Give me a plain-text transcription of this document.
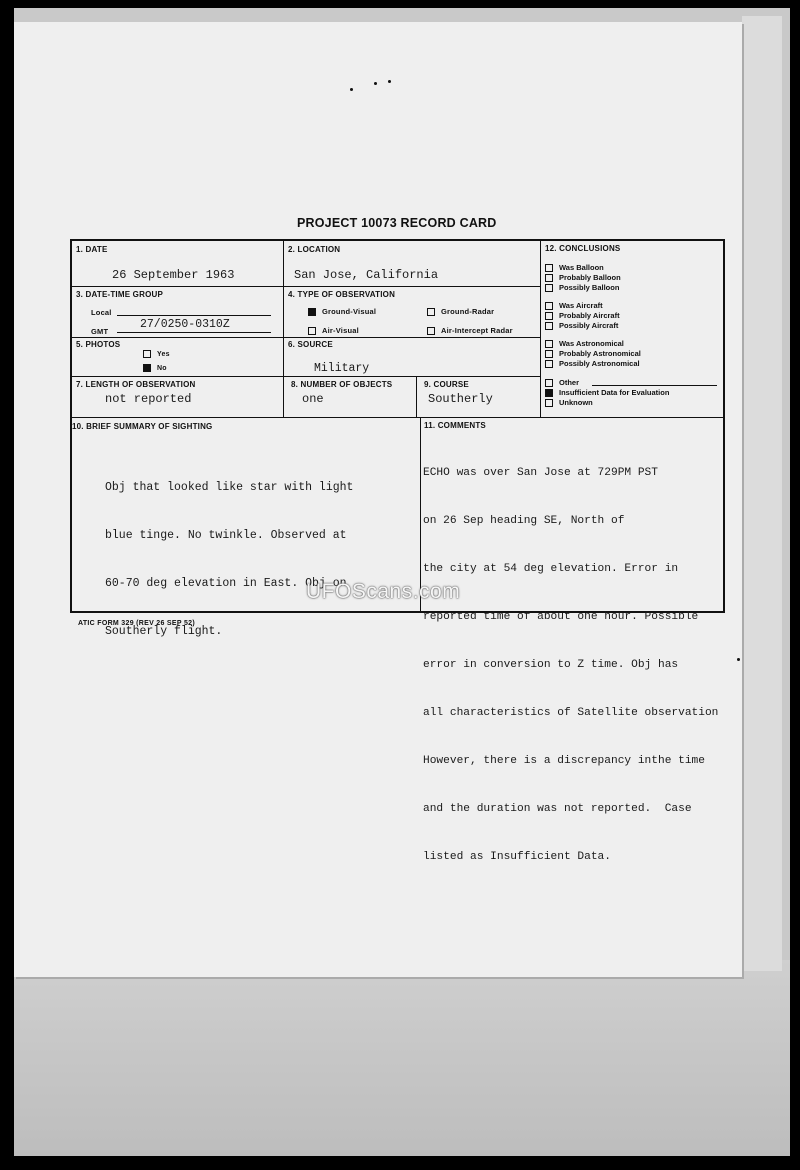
PROJECT 10073 RECORD CARD
1. DATE
26 September 1963
2. LOCATION
San Jose, California
3. DATE-TIME GROUP
Local
GMT
27/0250-0310Z
4. TYPE OF OBSERVATION
Ground-Visual	Ground-Radar
Air-Visual	Air-Intercept Radar
5. PHOTOS
Yes
No
6. SOURCE
Military
7. LENGTH OF OBSERVATION
not reported
8. NUMBER OF OBJECTS
one
9. COURSE
Southerly
10. BRIEF SUMMARY OF SIGHTING

Obj that looked like star with light

blue tinge. No twinkle. Observed at

60-70 deg elevation in East. Obj on

Southerly flight.

11. COMMENTS

ECHO was over San Jose at 729PM PST

on 26 Sep heading SE, North of

the city at 54 deg elevation. Error in

reported time of about one hour. Possible

error in conversion to Z time. Obj has

all characteristics of Satellite observation

However, there is a discrepancy inthe time

and the duration was not reported.  Case

listed as Insufficient Data.

12. CONCLUSIONS
Was Balloon
Probably Balloon
Possibly Balloon
Was Aircraft
Probably Aircraft
Possibly Aircraft
Was Astronomical
Probably Astronomical
Possibly Astronomical
Other
Insufficient Data for Evaluation
Unknown
ATIC FORM 329 (REV 26 SEP 52)
UFOScans.com
